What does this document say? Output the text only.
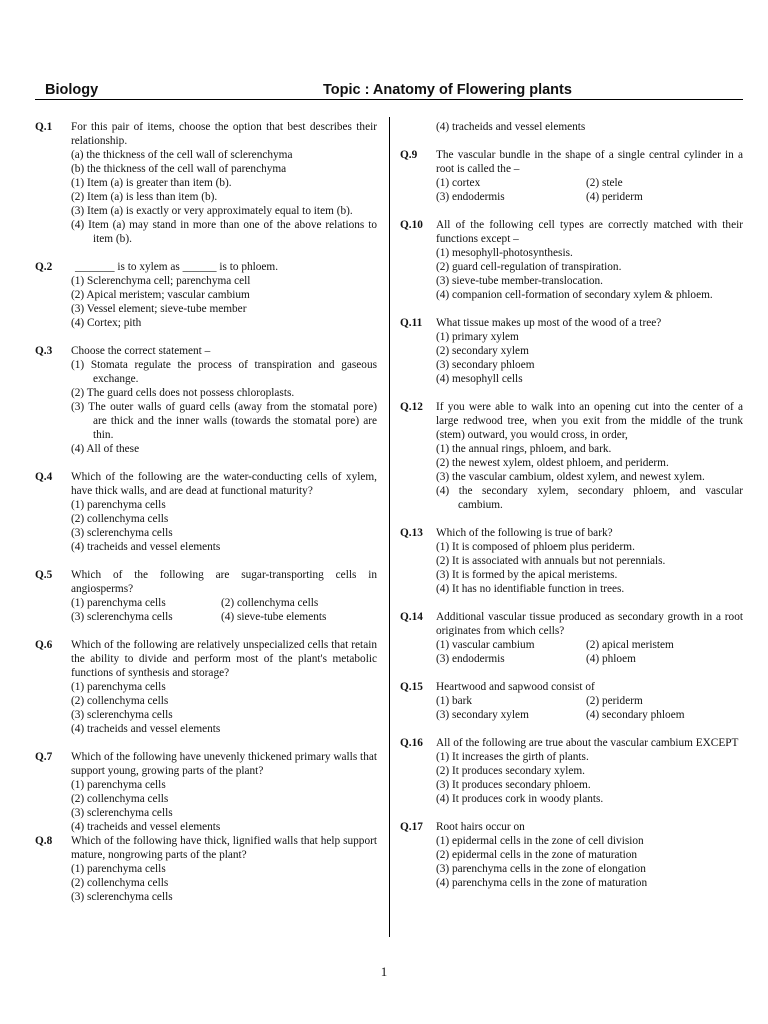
Biology	Topic : Anatomy of Flowering plants
Q.1 For this pair of items, choose the option that best describes their relationship.
(a) the thickness of the cell wall of sclerenchyma
(b) the thickness of the cell wall of parenchyma
(1) Item (a) is greater than item (b).
(2) Item (a) is less than item (b).
(3) Item (a) is exactly or very approximately equal to item (b).
(4) Item (a) may stand in more than one of the above relations to item (b).
Q.2	_______ is to xylem as ______ is to phloem.
(1) Sclerenchyma cell; parenchyma cell
(2) Apical meristem; vascular cambium
(3) Vessel element; sieve-tube member
(4) Cortex; pith
Q.3 Choose the correct statement –
(1) Stomata regulate the process of transpiration and gaseous exchange.
(2) The guard cells does not possess chloroplasts.
(3) The outer walls of guard cells (away from the stomatal pore) are thick and the inner walls (towards the stomatal pore) are thin.
(4) All of these
Q.4 Which of the following are the water-conducting cells of xylem, have thick walls, and are dead at functional maturity?
(1) parenchyma cells
(2) collenchyma cells
(3) sclerenchyma cells
(4) tracheids and vessel elements
Q.5 Which of the following are sugar-transporting cells in angiosperms?
(1) parenchyma cells	(2) collenchyma cells
(3) sclerenchyma cells	(4) sieve-tube elements
Q.6 Which of the following are relatively unspecialized cells that retain the ability to divide and perform most of the plant's metabolic functions of synthesis and storage?
(1) parenchyma cells
(2) collenchyma cells
(3) sclerenchyma cells
(4) tracheids and vessel elements
Q.7 Which of the following have unevenly thickened primary walls that support young, growing parts of the plant?
(1) parenchyma cells
(2) collenchyma cells
(3) sclerenchyma cells
(4) tracheids and vessel elements
Q.8 Which of the following have thick, lignified walls that help support mature, nongrowing parts of the plant?
(1) parenchyma cells
(2) collenchyma cells
(3) sclerenchyma cells
(4) tracheids and vessel elements
Q.9 The vascular bundle in the shape of a single central cylinder in a root is called the –
(1) cortex	(2) stele
(3) endodermis	(4) periderm
Q.10 All of the following cell types are correctly matched with their functions except –
(1) mesophyll-photosynthesis.
(2) guard cell-regulation of transpiration.
(3) sieve-tube member-translocation.
(4) companion cell-formation of secondary xylem & phloem.
Q.11 What tissue makes up most of the wood of a tree?
(1) primary xylem
(2) secondary xylem
(3) secondary phloem
(4) mesophyll cells
Q.12 If you were able to walk into an opening cut into the center of a large redwood tree, when you exit from the middle of the trunk (stem) outward, you would cross, in order,
(1) the annual rings, phloem, and bark.
(2) the newest xylem, oldest phloem, and periderm.
(3) the vascular cambium, oldest xylem, and newest xylem.
(4) the secondary xylem, secondary phloem, and vascular cambium.
Q.13 Which of the following is true of bark?
(1) It is composed of phloem plus periderm.
(2) It is associated with annuals but not perennials.
(3) It is formed by the apical meristems.
(4) It has no identifiable function in trees.
Q.14 Additional vascular tissue produced as secondary growth in a root originates from which cells?
(1) vascular cambium	(2) apical meristem
(3) endodermis	(4) phloem
Q.15 Heartwood and sapwood consist of
(1) bark	(2) periderm
(3) secondary xylem	(4) secondary phloem
Q.16 All of the following are true about the vascular cambium EXCEPT
(1) It increases the girth of plants.
(2) It produces secondary xylem.
(3) It produces secondary phloem.
(4) It produces cork in woody plants.
Q.17 Root hairs occur on
(1) epidermal cells in the zone of cell division
(2) epidermal cells in the zone of maturation
(3) parenchyma cells in the zone of elongation
(4) parenchyma cells in the zone of maturation
1
